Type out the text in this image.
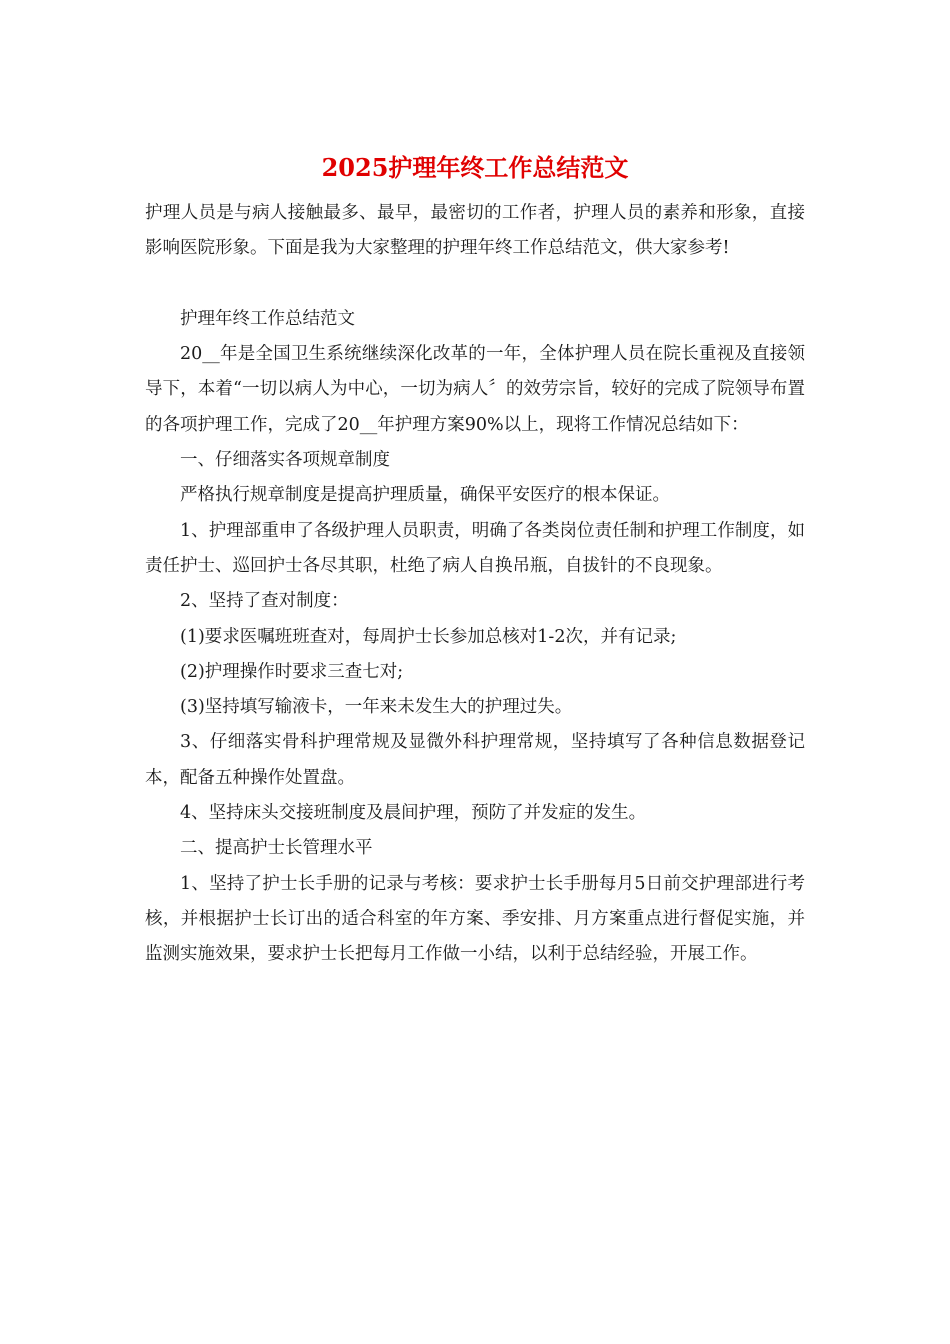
2025护理年终工作总结范文

护理人员是与病人接触最多、最早，最密切的工作者，护理人员的素养和形象，直接影响医院形象。下面是我为大家整理的护理年终工作总结范文，供大家参考!

护理年终工作总结范文

20__年是全国卫生系统继续深化改革的一年，全体护理人员在院长重视及直接领导下，本着“一切以病人为中心，一切为病人〞的效劳宗旨，较好的完成了院领导布置的各项护理工作，完成了20__年护理方案90%以上，现将工作情况总结如下：

一、仔细落实各项规章制度

严格执行规章制度是提高护理质量，确保平安医疗的根本保证。

1、护理部重申了各级护理人员职责，明确了各类岗位责任制和护理工作制度，如责任护士、巡回护士各尽其职，杜绝了病人自换吊瓶，自拔针的不良现象。

2、坚持了查对制度：

(1)要求医嘱班班查对，每周护士长参加总核对1-2次，并有记录;

(2)护理操作时要求三查七对;

(3)坚持填写输液卡，一年来未发生大的护理过失。

3、仔细落实骨科护理常规及显微外科护理常规，坚持填写了各种信息数据登记本，配备五种操作处置盘。

4、坚持床头交接班制度及晨间护理，预防了并发症的发生。

二、提高护士长管理水平

1、坚持了护士长手册的记录与考核：要求护士长手册每月5日前交护理部进行考核，并根据护士长订出的适合科室的年方案、季安排、月方案重点进行督促实施，并监测实施效果，要求护士长把每月工作做一小结，以利于总结经验，开展工作。
